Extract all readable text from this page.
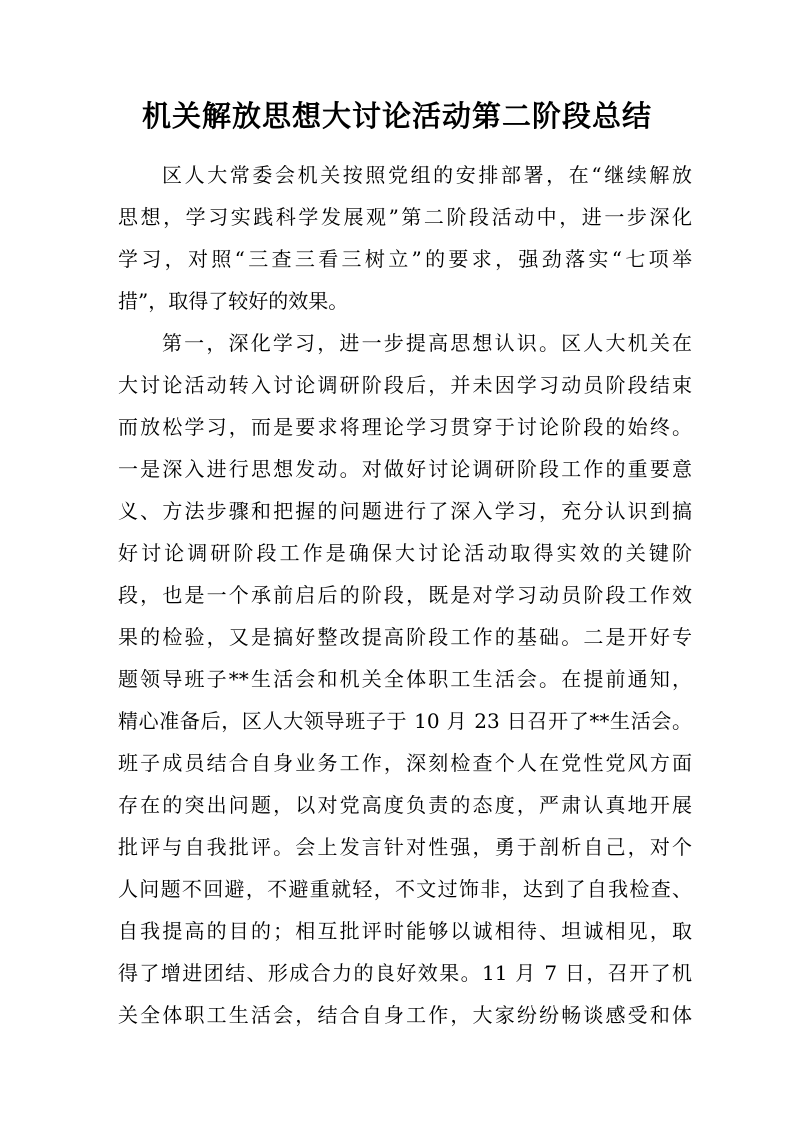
机关解放思想大讨论活动第二阶段总结

区人大常委会机关按照党组的安排部署，在“继续解放

思想，学习实践科学发展观”第二阶段活动中，进一步深化

学习，对照“三查三看三树立”的要求，强劲落实“七项举

措”，取得了较好的效果。

第一，深化学习，进一步提高思想认识。区人大机关在

大讨论活动转入讨论调研阶段后，并未因学习动员阶段结束

而放松学习，而是要求将理论学习贯穿于讨论阶段的始终。

一是深入进行思想发动。对做好讨论调研阶段工作的重要意

义、方法步骤和把握的问题进行了深入学习，充分认识到搞

好讨论调研阶段工作是确保大讨论活动取得实效的关键阶

段，也是一个承前启后的阶段，既是对学习动员阶段工作效

果的检验，又是搞好整改提高阶段工作的基础。二是开好专

题领导班子**生活会和机关全体职工生活会。在提前通知，

精心准备后，区人大领导班子于 10 月 23 日召开了**生活会。

班子成员结合自身业务工作，深刻检查个人在党性党风方面

存在的突出问题，以对党高度负责的态度，严肃认真地开展

批评与自我批评。会上发言针对性强，勇于剖析自己，对个

人问题不回避，不避重就轻，不文过饰非，达到了自我检查、

自我提高的目的；相互批评时能够以诚相待、坦诚相见，取

得了增进团结、形成合力的良好效果。11 月 7 日，召开了机

关全体职工生活会，结合自身工作，大家纷纷畅谈感受和体
